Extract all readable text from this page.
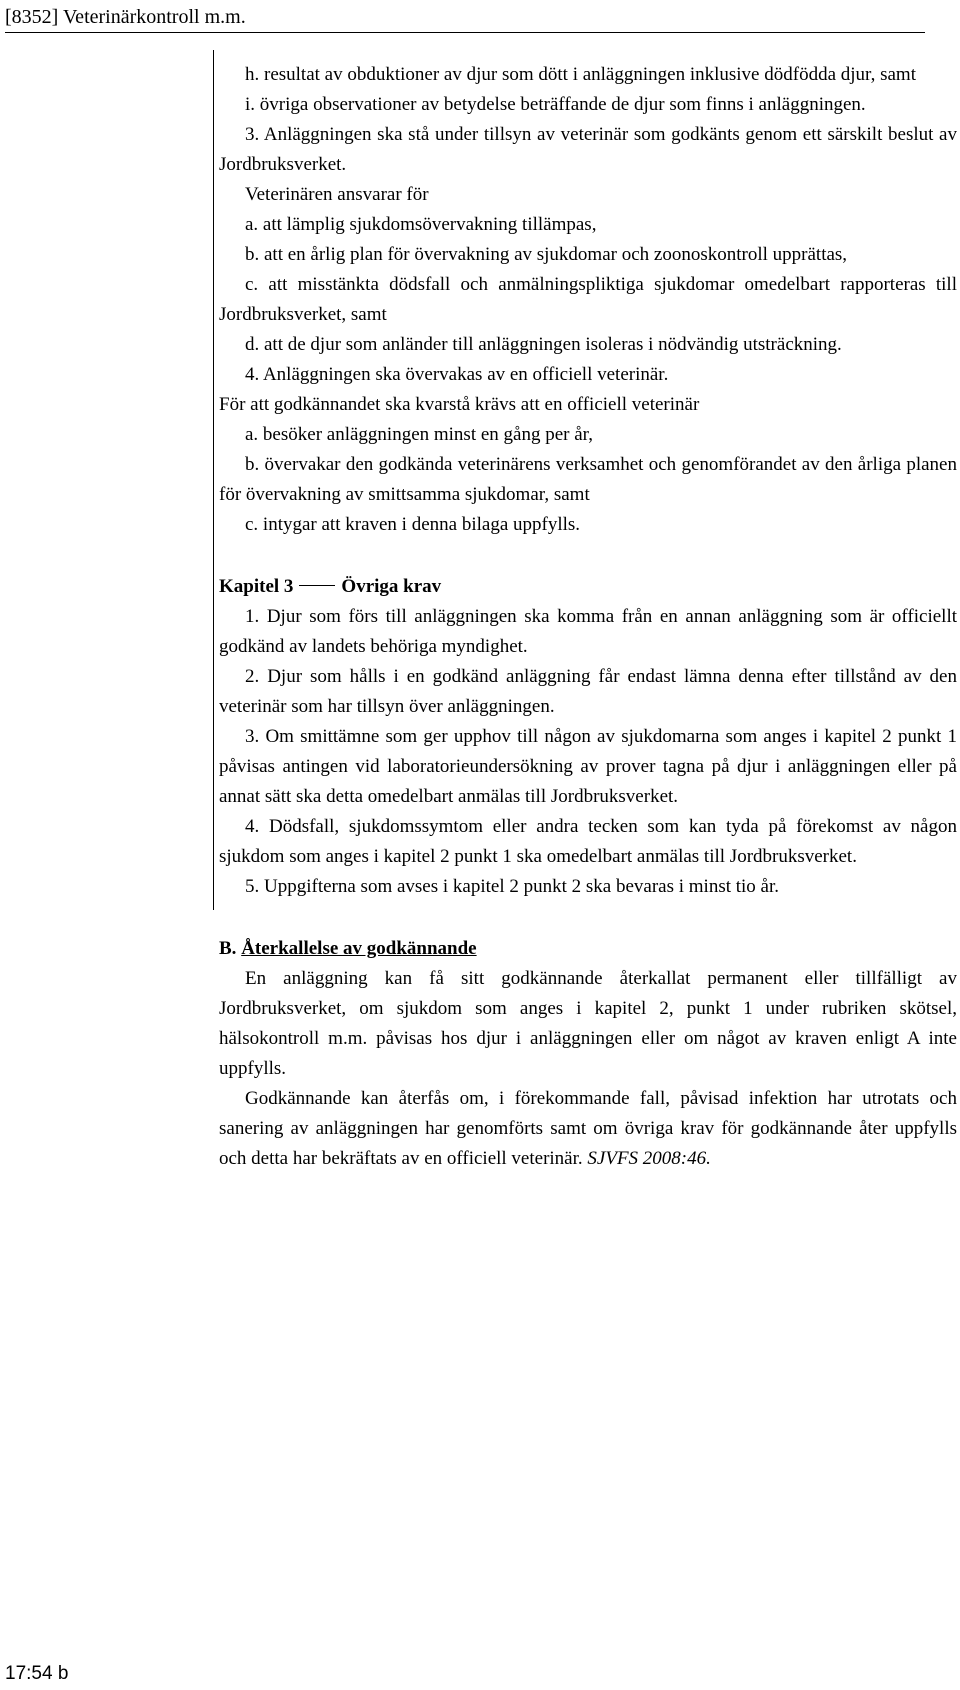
[8352] Veterinärkontroll m.m.

h. resultat av obduktioner av djur som dött i anläggningen inklusive dödfödda djur, samt

i. övriga observationer av betydelse beträffande de djur som finns i anläggningen.

3. Anläggningen ska stå under tillsyn av veterinär som godkänts genom ett särskilt beslut av Jordbruksverket.

Veterinären ansvarar för

a. att lämplig sjukdomsövervakning tillämpas,

b. att en årlig plan för övervakning av sjukdomar och zoonoskontroll upprättas,

c. att misstänkta dödsfall och anmälningspliktiga sjukdomar omedelbart rapporteras till Jordbruksverket, samt

d. att de djur som anländer till anläggningen isoleras i nödvändig utsträckning.

4. Anläggningen ska övervakas av en officiell veterinär.

För att godkännandet ska kvarstå krävs att en officiell veterinär

a. besöker anläggningen minst en gång per år,

b. övervakar den godkända veterinärens verksamhet och genomförandet av den årliga planen för övervakning av smittsamma sjukdomar, samt

c. intygar att kraven i denna bilaga uppfylls.

Kapitel 3	Övriga krav

1. Djur som förs till anläggningen ska komma från en annan anläggning som är officiellt godkänd av landets behöriga myndighet.

2. Djur som hålls i en godkänd anläggning får endast lämna denna efter tillstånd av den veterinär som har tillsyn över anläggningen.

3. Om smittämne som ger upphov till någon av sjukdomarna som anges i kapitel 2 punkt 1 påvisas antingen vid laboratorieundersökning av prover tagna på djur i anläggningen eller på annat sätt ska detta omedelbart anmälas till Jordbruksverket.

4. Dödsfall, sjukdomssymtom eller andra tecken som kan tyda på förekomst av någon sjukdom som anges i kapitel 2 punkt 1 ska omedelbart anmälas till Jordbruksverket.

5. Uppgifterna som avses i kapitel 2 punkt 2 ska bevaras i minst tio år.

B. Återkallelse av godkännande

En anläggning kan få sitt godkännande återkallat permanent eller tillfälligt av Jordbruksverket, om sjukdom som anges i kapitel 2, punkt 1 under rubriken skötsel, hälsokontroll m.m. påvisas hos djur i anläggningen eller om något av kraven enligt A inte uppfylls.

Godkännande kan återfås om, i förekommande fall, påvisad infektion har utrotats och sanering av anläggningen har genomförts samt om övriga krav för godkännande åter uppfylls och detta har bekräftats av en officiell veterinär. SJVFS 2008:46.

17:54 b
